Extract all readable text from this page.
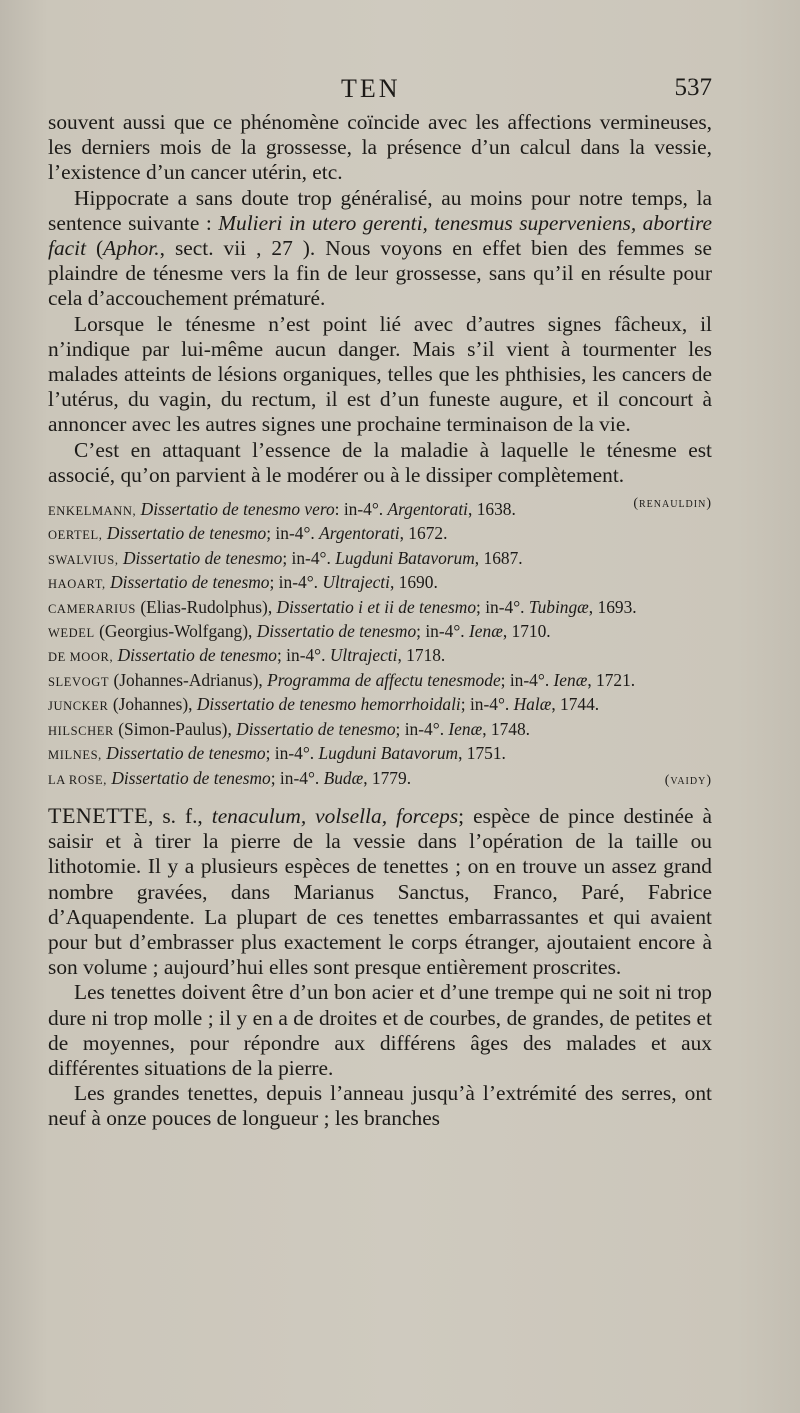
TEN	537

souvent aussi que ce phénomène coïncide avec les affections vermineuses, les derniers mois de la grossesse, la présence d’un calcul dans la vessie, l’existence d’un cancer utérin, etc.

Hippocrate a sans doute trop généralisé, au moins pour notre temps, la sentence suivante : Mulieri in utero gerenti, tenesmus superveniens, abortire facit (Aphor., sect. vii , 27 ). Nous voyons en effet bien des femmes se plaindre de ténesme vers la fin de leur grossesse, sans qu’il en résulte pour cela d’accouchement prématuré.

Lorsque le ténesme n’est point lié avec d’autres signes fâcheux, il n’indique par lui-même aucun danger. Mais s’il vient à tourmenter les malades atteints de lésions organiques, telles que les phthisies, les cancers de l’utérus, du vagin, du rectum, il est d’un funeste augure, et il concourt à annoncer avec les autres signes une prochaine terminaison de la vie.

C’est en attaquant l’essence de la maladie à laquelle le ténesme est associé, qu’on parvient à le modérer ou à le dissiper complètement.
(renauldin)

ENKELMANN, Dissertatio de tenesmo vero: in-4°. Argentorati, 1638.

OERTEL, Dissertatio de tenesmo; in-4°. Argentorati, 1672.

SWALVIUS, Dissertatio de tenesmo; in-4°. Lugduni Batavorum, 1687.

HAOART, Dissertatio de tenesmo; in-4°. Ultrajecti, 1690.

CAMERARIUS (Elias-Rudolphus), Dissertatio i et ii de tenesmo; in-4°. Tubingæ, 1693.

WEDEL (Georgius-Wolfgang), Dissertatio de tenesmo; in-4°. Ienæ, 1710.

DE MOOR, Dissertatio de tenesmo; in-4°. Ultrajecti, 1718.

SLEVOGT (Johannes-Adrianus), Programma de affectu tenesmode; in-4°. Ienæ, 1721.

JUNCKER (Johannes), Dissertatio de tenesmo hemorrhoidali; in-4°. Halæ, 1744.

HILSCHER (Simon-Paulus), Dissertatio de tenesmo; in-4°. Ienæ, 1748.

MILNES, Dissertatio de tenesmo; in-4°. Lugduni Batavorum, 1751.

LA ROSE, Dissertatio de tenesmo; in-4°. Budæ, 1779.	(vaidy)

TENETTE, s. f., tenaculum, volsella, forceps; espèce de pince destinée à saisir et à tirer la pierre de la vessie dans l’opération de la taille ou lithotomie. Il y a plusieurs espèces de tenettes ; on en trouve un assez grand nombre gravées, dans Marianus Sanctus, Franco, Paré, Fabrice d’Aquapendente. La plupart de ces tenettes embarrassantes et qui avaient pour but d’embrasser plus exactement le corps étranger, ajoutaient encore à son volume ; aujourd’hui elles sont presque entièrement proscrites.

Les tenettes doivent être d’un bon acier et d’une trempe qui ne soit ni trop dure ni trop molle ; il y en a de droites et de courbes, de grandes, de petites et de moyennes, pour répondre aux différens âges des malades et aux différentes situations de la pierre.

Les grandes tenettes, depuis l’anneau jusqu’à l’extrémité des serres, ont neuf à onze pouces de longueur ; les branches
